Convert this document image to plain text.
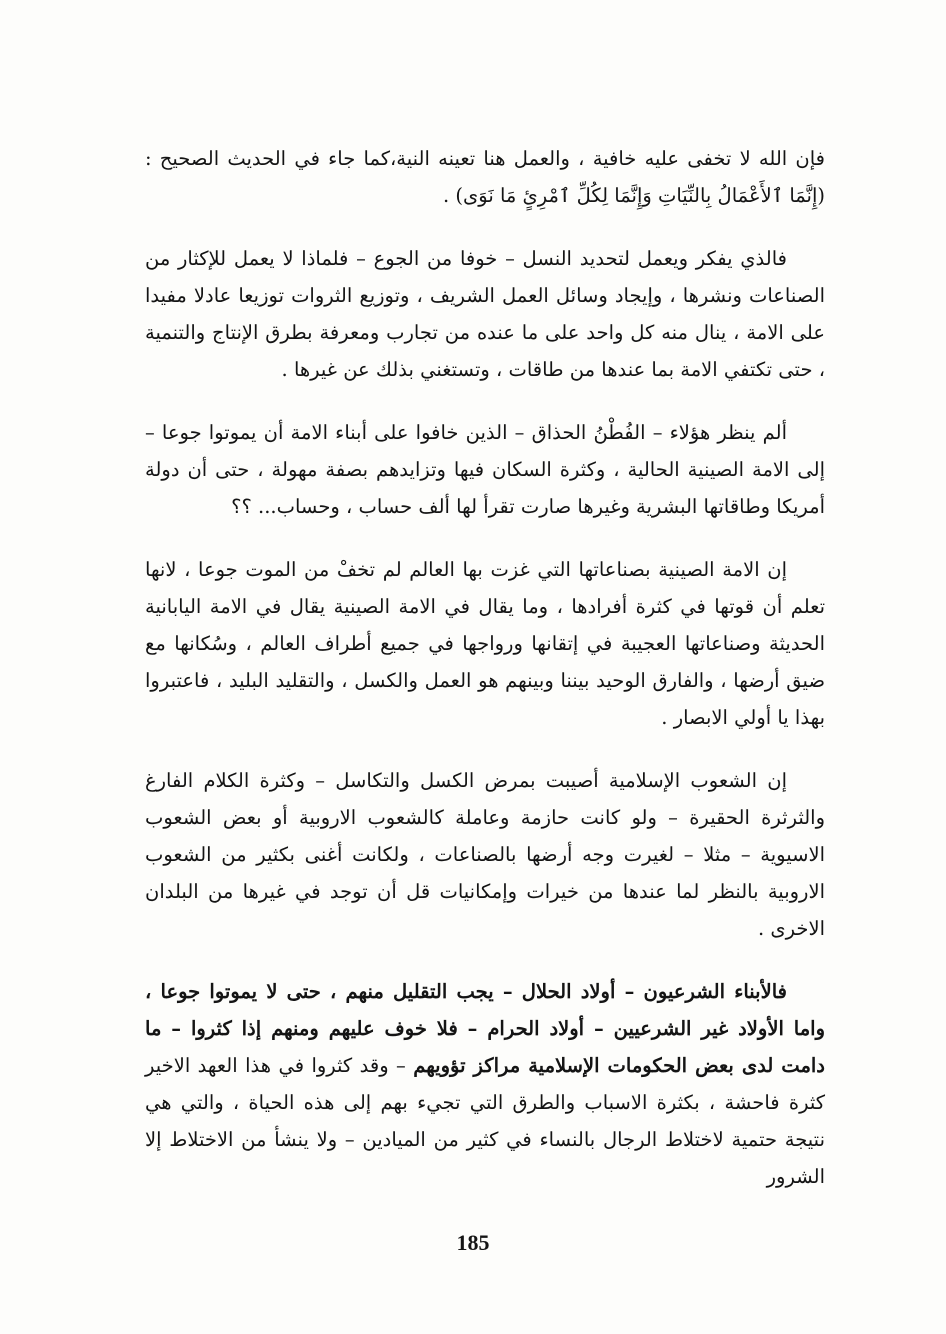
فإن الله لا تخفى عليه خافية ، والعمل هنا تعينه النية،كما جاء في الحديث الصحيح : (إِنَّمَا ٱلأَعْمَالُ بِالنِّيَاتِ وَإِنَّمَا لِكُلِّ ٱمْرِئٍ مَا نَوَى) .

فالذي يفكر ويعمل لتحديد النسل – خوفا من الجوع – فلماذا لا يعمل للإكثار من الصناعات ونشرها ، وإيجاد وسائل العمل الشريف ، وتوزيع الثروات توزيعا عادلا مفيدا على الامة ، ينال منه كل واحد على ما عنده من تجارب ومعرفة بطرق الإنتاج والتنمية ، حتى تكتفي الامة بما عندها من طاقات ، وتستغني بذلك عن غيرها .

ألم ينظر هؤلاء – الفُطْنُ الحذاق – الذين خافوا على أبناء الامة أن يموتوا جوعا – إلى الامة الصينية الحالية ، وكثرة السكان فيها وتزايدهم بصفة مهولة ، حتى أن دولة أمريكا وطاقاتها البشرية وغيرها صارت تقرأ لها ألف حساب ، وحساب... ؟؟

إن الامة الصينية بصناعاتها التي غزت بها العالم لم تخفْ من الموت جوعا ، لانها تعلم أن قوتها في كثرة أفرادها ، وما يقال في الامة الصينية يقال في الامة اليابانية الحديثة وصناعاتها العجيبة في إتقانها ورواجها في جميع أطراف العالم ، وسُكانها مع ضيق أرضها ، والفارق الوحيد بيننا وبينهم هو العمل والكسل ، والتقليد البليد ، فاعتبروا بهذا يا أولي الابصار .

إن الشعوب الإسلامية أصيبت بمرض الكسل والتكاسل – وكثرة الكلام الفارغ والثرثرة الحقيرة – ولو كانت حازمة وعاملة كالشعوب الاروبية أو بعض الشعوب الاسيوية – مثلا – لغيرت وجه أرضها بالصناعات ، ولكانت أغنى بكثير من الشعوب الاروبية بالنظر لما عندها من خيرات وإمكانيات قل أن توجد في غيرها من البلدان الاخرى .

فالأبناء الشرعيون – أولاد الحلال – يجب التقليل منهم ، حتى لا يموتوا جوعا ، واما الأولاد غير الشرعيين – أولاد الحرام – فلا خوف عليهم ومنهم إذا كثروا – ما دامت لدى بعض الحكومات الإسلامية مراكز تؤويهم – وقد كثروا في هذا العهد الاخير كثرة فاحشة ، بكثرة الاسباب والطرق التي تجيء بهم إلى هذه الحياة ، والتي هي نتيجة حتمية لاختلاط الرجال بالنساء في كثير من الميادين – ولا ينشأ من الاختلاط إلا الشرور

185
